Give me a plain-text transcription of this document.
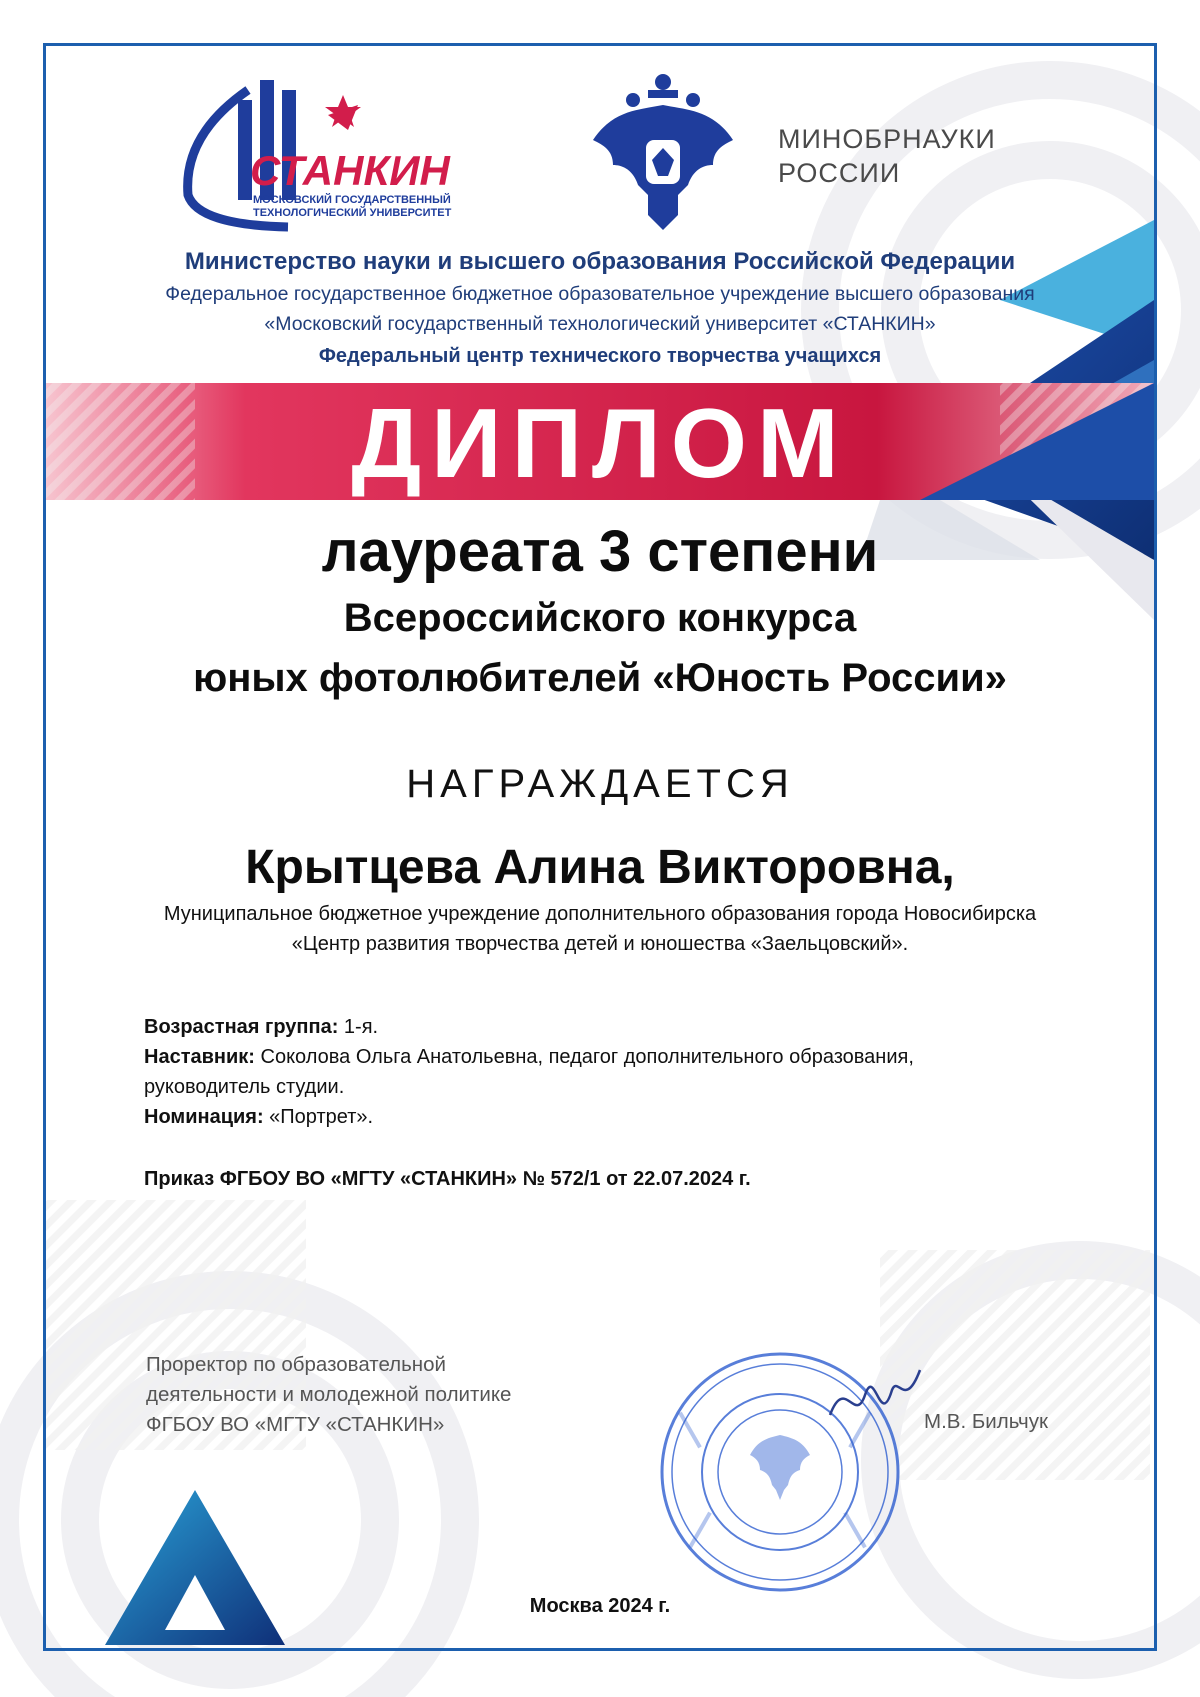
СТАНКИН
МОСКОВСКИЙ ГОСУДАРСТВЕННЫЙ
ТЕХНОЛОГИЧЕСКИЙ УНИВЕРСИТЕТ
МИНОБРНАУКИ
РОССИИ
Министерство науки и высшего образования Российской Федерации
Федеральное государственное бюджетное образовательное учреждение высшего образования
«Московский государственный технологический университет «СТАНКИН»
Федеральный центр технического творчества учащихся
ДИПЛОМ
лауреата 3 степени
Всероссийского конкурса
юных фотолюбителей «Юность России»
НАГРАЖДАЕТСЯ
Крытцева Алина Викторовна,
Муниципальное бюджетное учреждение дополнительного образования города Новосибирска
«Центр развития творчества детей и юношества «Заельцовский».
Возрастная группа: 1-я.
Наставник: Соколова Ольга Анатольевна, педагог дополнительного образования,
руководитель студии.
Номинация: «Портрет».
Приказ ФГБОУ ВО «МГТУ «СТАНКИН» № 572/1 от 22.07.2024 г.
Проректор по образовательной
деятельности и молодежной политике
ФГБОУ ВО «МГТУ «СТАНКИН»	М.В. Бильчук
Москва 2024 г.
